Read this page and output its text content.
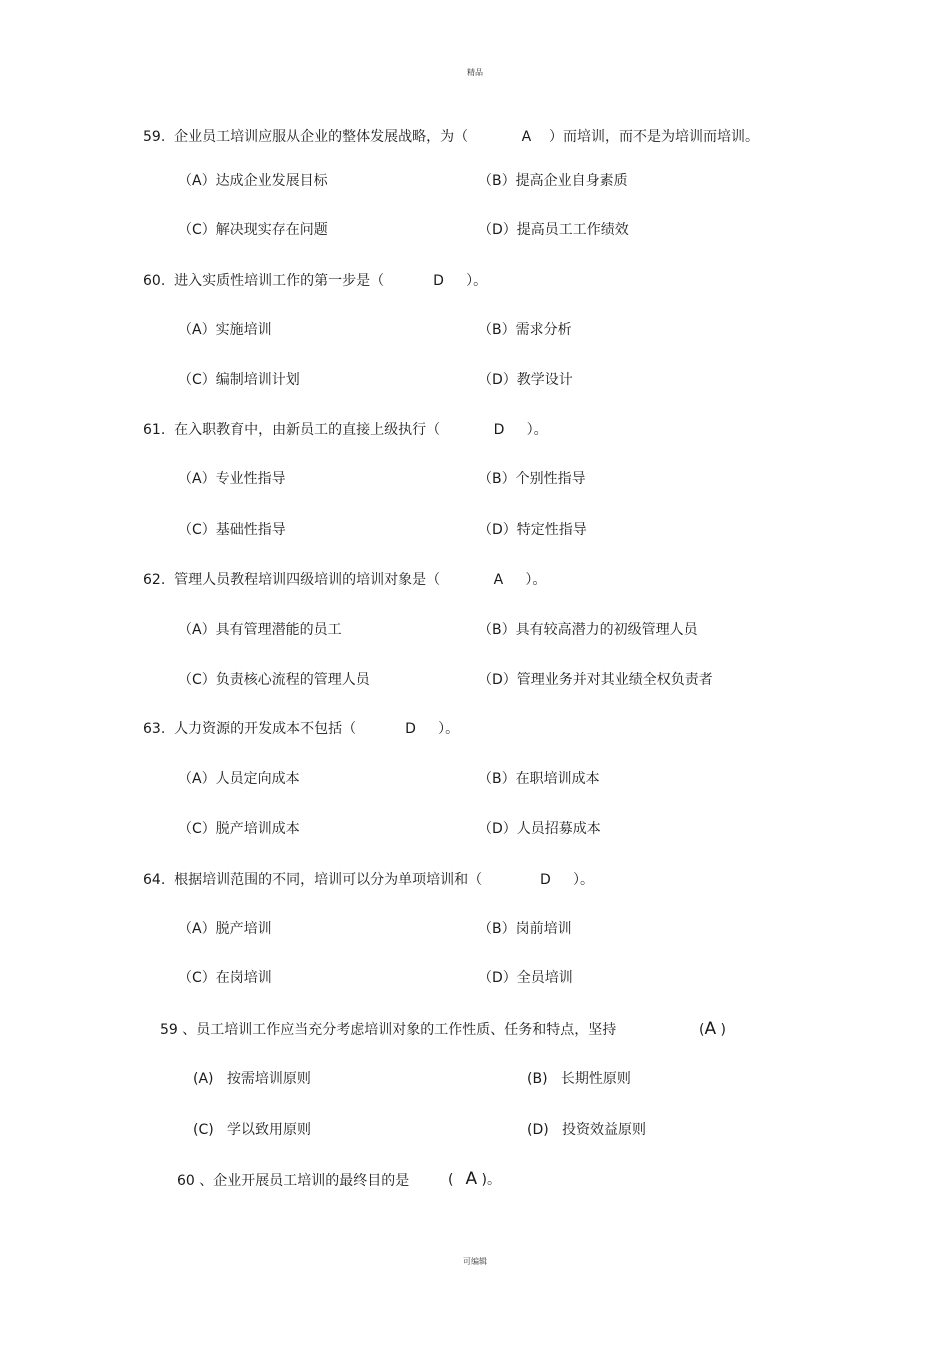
精品
59.  企业员工培训应服从企业的整体发展战略，为（            A    ）而培训，而不是为培训而培训。
（A）达成企业发展目标	（B）提高企业自身素质
（C）解决现实存在问题	（D）提高员工工作绩效
60.  进入实质性培训工作的第一步是（           D     ）。
（A）实施培训	（B）需求分析
（C）编制培训计划	（D）教学设计
61.  在入职教育中，由新员工的直接上级执行（            D     ）。
（A）专业性指导	（B）个别性指导
（C）基础性指导	（D）特定性指导
62.  管理人员教程培训四级培训的培训对象是（            A     ）。
（A）具有管理潜能的员工	（B）具有较高潜力的初级管理人员
（C）负责核心流程的管理人员	（D）管理业务并对其业绩全权负责者
63.  人力资源的开发成本不包括（           D     ）。
（A）人员定向成本	（B）在职培训成本
（C）脱产培训成本	（D）人员招募成本
64.  根据培训范围的不同，培训可以分为单项培训和（             D     ）。
（A）脱产培训	（B）岗前培训
（C）在岗培训	（D）全员培训
59 、员工培训工作应当充分考虑培训对象的工作性质、任务和特点，坚持	(A )
(A)   按需培训原则	(B)   长期性原则
(C)   学以致用原则	(D)   投资效益原则
60 、企业开展员工培训的最终目的是	( A )。
可编辑
